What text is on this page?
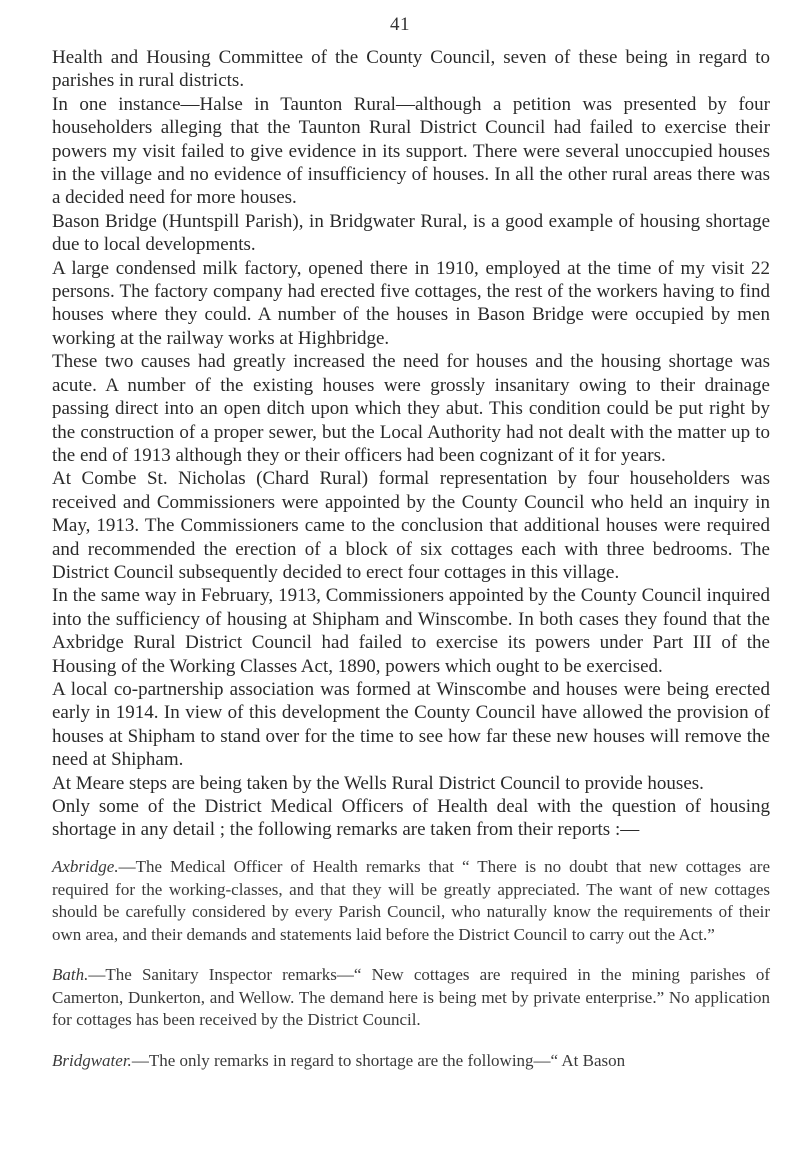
41

Health and Housing Committee of the County Council, seven of these being in regard to parishes in rural districts.

In one instance—Halse in Taunton Rural—although a petition was presented by four householders alleging that the Taunton Rural District Council had failed to exercise their powers my visit failed to give evidence in its support. There were several unoccupied houses in the village and no evidence of insufficiency of houses. In all the other rural areas there was a decided need for more houses.

Bason Bridge (Huntspill Parish), in Bridgwater Rural, is a good example of housing shortage due to local developments.

A large condensed milk factory, opened there in 1910, employed at the time of my visit 22 persons. The factory company had erected five cottages, the rest of the workers having to find houses where they could. A number of the houses in Bason Bridge were occupied by men working at the railway works at Highbridge.

These two causes had greatly increased the need for houses and the housing shortage was acute. A number of the existing houses were grossly insanitary owing to their drainage passing direct into an open ditch upon which they abut. This condition could be put right by the construction of a proper sewer, but the Local Authority had not dealt with the matter up to the end of 1913 although they or their officers had been cognizant of it for years.

At Combe St. Nicholas (Chard Rural) formal representation by four householders was received and Commissioners were appointed by the County Council who held an inquiry in May, 1913. The Commissioners came to the conclusion that additional houses were required and recommended the erection of a block of six cottages each with three bedrooms. The District Council subsequently decided to erect four cottages in this village.

In the same way in February, 1913, Commissioners appointed by the County Council inquired into the sufficiency of housing at Shipham and Winscombe. In both cases they found that the Axbridge Rural District Council had failed to exercise its powers under Part III of the Housing of the Working Classes Act, 1890, powers which ought to be exercised.

A local co-partnership association was formed at Winscombe and houses were being erected early in 1914. In view of this development the County Council have allowed the provision of houses at Shipham to stand over for the time to see how far these new houses will remove the need at Shipham.

At Meare steps are being taken by the Wells Rural District Council to provide houses.

Only some of the District Medical Officers of Health deal with the question of housing shortage in any detail ; the following remarks are taken from their reports :—

Axbridge.—The Medical Officer of Health remarks that “ There is no doubt that new cottages are required for the working-classes, and that they will be greatly appreciated. The want of new cottages should be carefully considered by every Parish Council, who naturally know the requirements of their own area, and their demands and statements laid before the District Council to carry out the Act.”

Bath.—The Sanitary Inspector remarks—“ New cottages are required in the mining parishes of Camerton, Dunkerton, and Wellow. The demand here is being met by private enterprise.” No application for cottages has been received by the District Council.

Bridgwater.—The only remarks in regard to shortage are the following—“ At Bason
